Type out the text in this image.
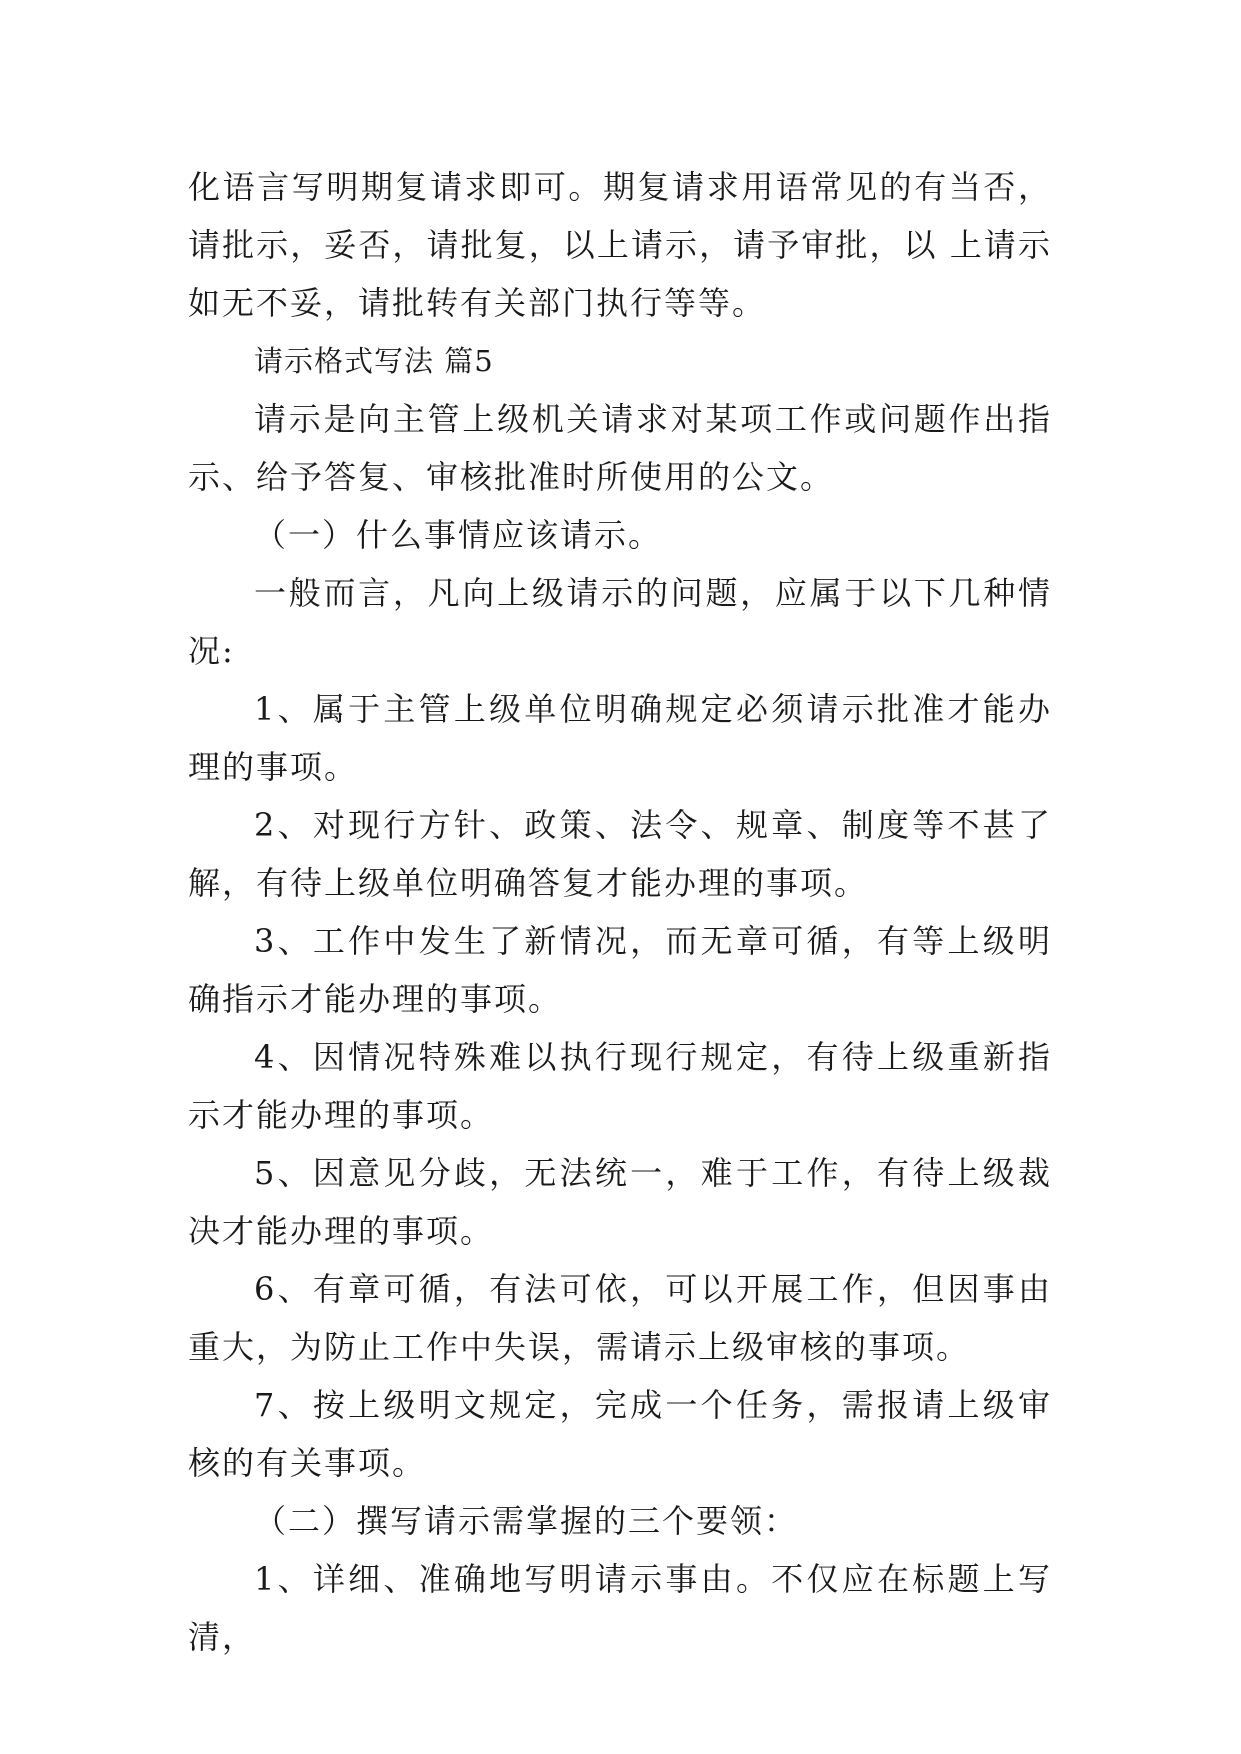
化语言写明期复请求即可。期复请求用语常见的有当否，请批示，妥否，请批复，以上请示，请予审批，以 上请示如无不妥，请批转有关部门执行等等。

请示格式写法 篇5

请示是向主管上级机关请求对某项工作或问题作出指示、给予答复、审核批准时所使用的公文。

（一）什么事情应该请示。

一般而言，凡向上级请示的问题，应属于以下几种情况:

1、属于主管上级单位明确规定必须请示批准才能办理的事项。

2、对现行方针、政策、法令、规章、制度等不甚了解，有待上级单位明确答复才能办理的事项。

3、工作中发生了新情况，而无章可循，有等上级明确指示才能办理的事项。

4、因情况特殊难以执行现行规定，有待上级重新指示才能办理的事项。

5、因意见分歧，无法统一，难于工作，有待上级裁决才能办理的事项。

6、有章可循，有法可依，可以开展工作，但因事由重大，为防止工作中失误，需请示上级审核的事项。

7、按上级明文规定，完成一个任务，需报请上级审核的有关事项。

（二）撰写请示需掌握的三个要领：

1、详细、准确地写明请示事由。不仅应在标题上写清，
